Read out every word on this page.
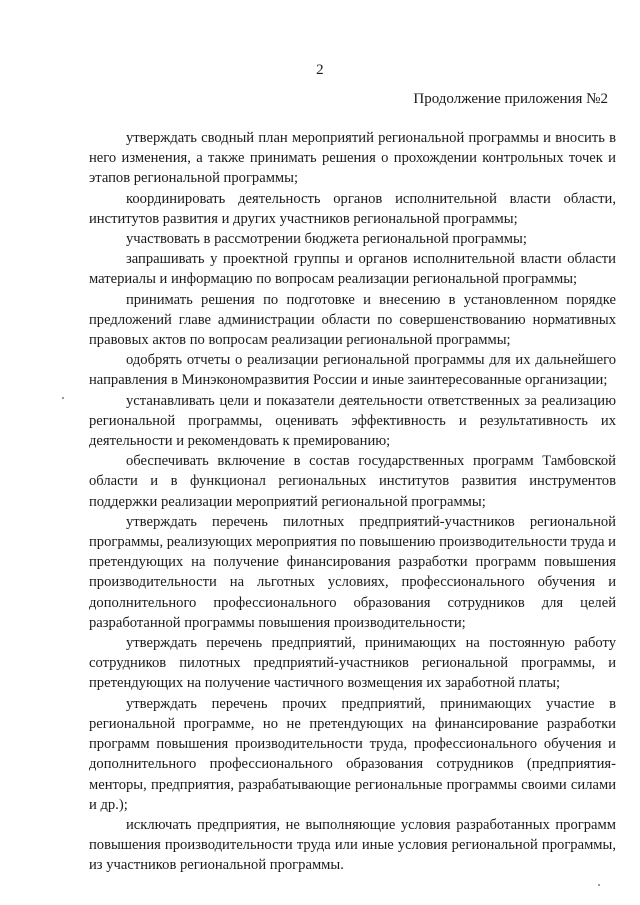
2
Продолжение приложения №2

утверждать сводный план мероприятий региональной программы и вносить в него изменения, а также принимать решения о прохождении контрольных точек и этапов региональной программы;

координировать деятельность органов исполнительной власти области, институтов развития и других участников региональной программы;

участвовать в рассмотрении бюджета региональной программы;

запрашивать у проектной группы и органов исполнительной власти области материалы и информацию по вопросам реализации региональной программы;

принимать решения по подготовке и внесению в установленном порядке предложений главе администрации области по совершенствованию нормативных правовых актов по вопросам реализации региональной программы;

одобрять отчеты о реализации региональной программы для их дальнейшего направления в Минэкономразвития России и иные заинтересованные организации;

устанавливать цели и показатели деятельности ответственных за реализацию региональной программы, оценивать эффективность и результативность их деятельности и рекомендовать к премированию;

обеспечивать включение в состав государственных программ Тамбовской области и в функционал региональных институтов развития инструментов поддержки реализации мероприятий региональной программы;

утверждать перечень пилотных предприятий-участников региональной программы, реализующих мероприятия по повышению производительности труда и претендующих на получение финансирования разработки программ повышения производительности на льготных условиях, профессионального обучения и дополнительного профессионального образования сотрудников для целей разработанной программы повышения производительности;

утверждать перечень предприятий, принимающих на постоянную работу сотрудников пилотных предприятий-участников региональной программы, и претендующих на получение частичного возмещения их заработной платы;

утверждать перечень прочих предприятий, принимающих участие в региональной программе, но не претендующих на финансирование разработки программ повышения производительности труда, профессионального обучения и дополнительного профессионального образования сотрудников (предприятия-менторы, предприятия, разрабатывающие региональные программы своими силами и др.);

исключать предприятия, не выполняющие условия разработанных программ повышения производительности труда или иные условия региональной программы, из участников региональной программы.
